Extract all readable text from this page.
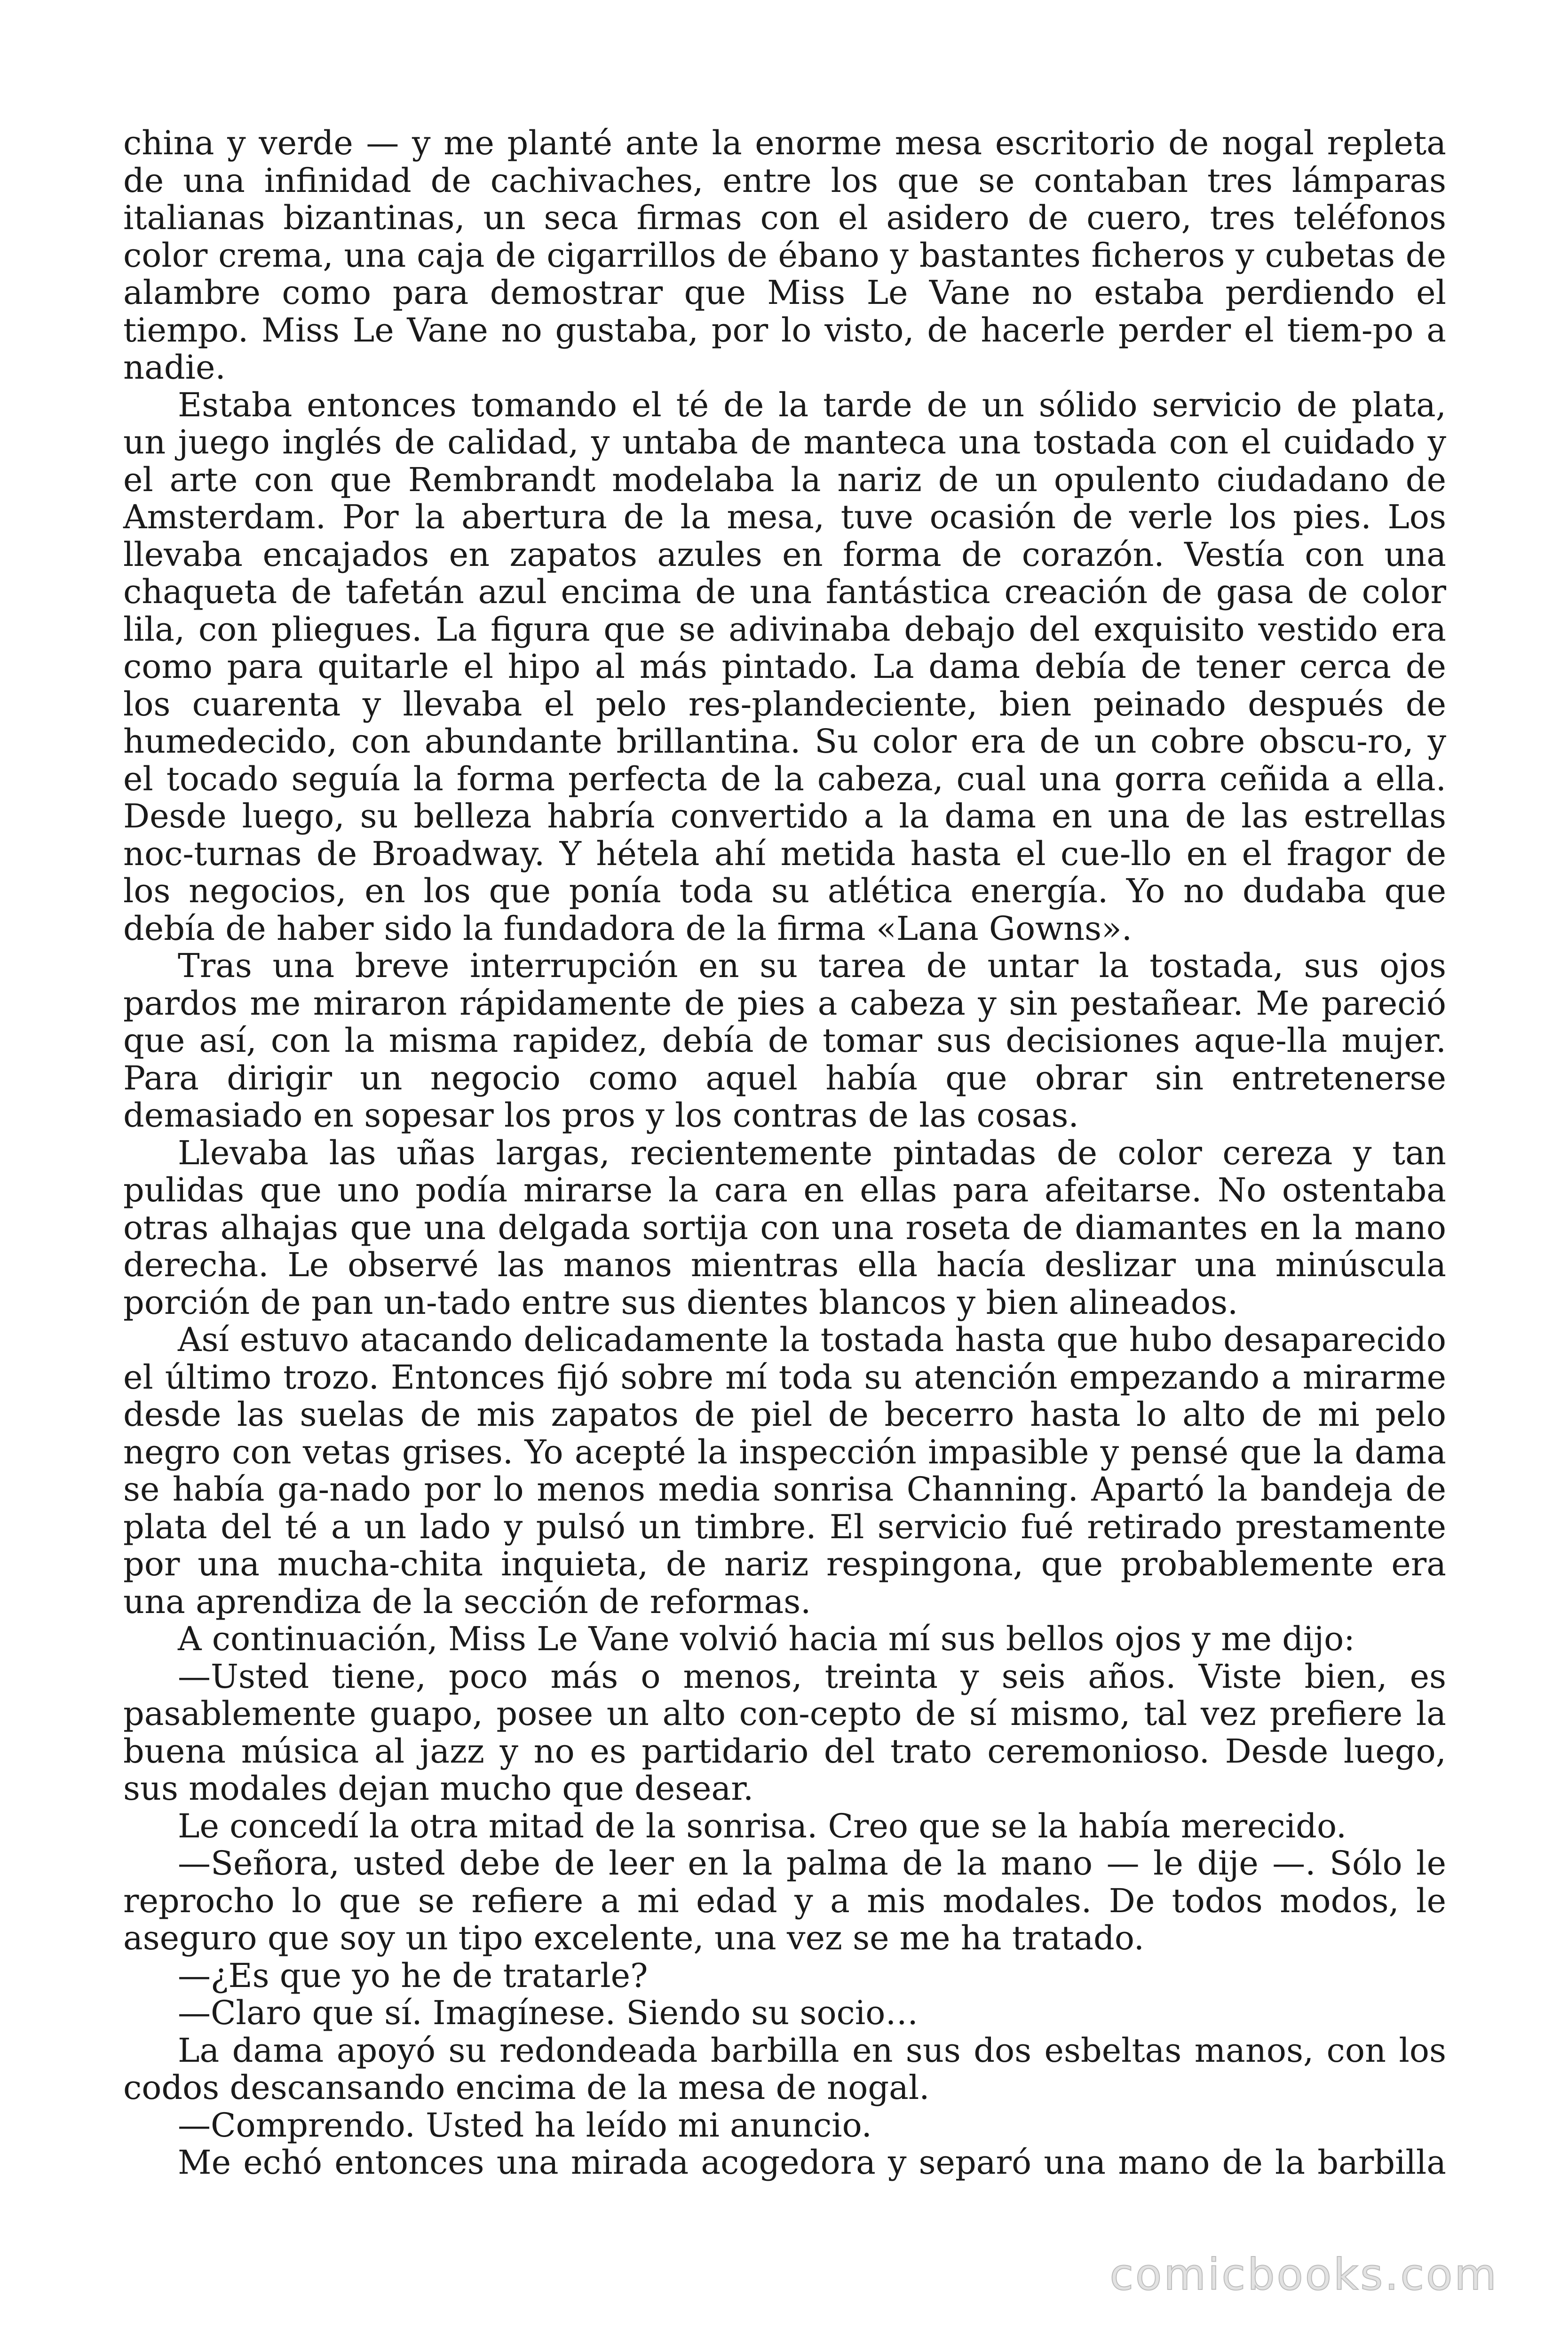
china y verde — y me planté ante la enorme mesa escritorio de nogal repleta de una infinidad de cachivaches, entre los que se contaban tres lámparas italianas bizantinas, un seca firmas con el asidero de cuero, tres teléfonos color crema, una caja de cigarrillos de ébano y bastantes ficheros y cubetas de alambre como para demostrar que Miss Le Vane no estaba perdiendo el tiempo. Miss Le Vane no gustaba, por lo visto, de hacerle perder el tiem-po a nadie.

Estaba entonces tomando el té de la tarde de un sólido servicio de plata, un juego inglés de calidad, y untaba de manteca una tostada con el cuidado y el arte con que Rembrandt modelaba la nariz de un opulento ciudadano de Amsterdam. Por la abertura de la mesa, tuve ocasión de verle los pies. Los llevaba encajados en zapatos azules en forma de corazón. Vestía con una chaqueta de tafetán azul encima de una fantástica creación de gasa de color lila, con pliegues. La figura que se adivinaba debajo del exquisito vestido era como para quitarle el hipo al más pintado. La dama debía de tener cerca de los cuarenta y llevaba el pelo res-plandeciente, bien peinado después de humedecido, con abundante brillantina. Su color era de un cobre obscu-ro, y el tocado seguía la forma perfecta de la cabeza, cual una gorra ceñida a ella. Desde luego, su belleza habría convertido a la dama en una de las estrellas noc-turnas de Broadway. Y hétela ahí metida hasta el cue-llo en el fragor de los negocios, en los que ponía toda su atlética energía. Yo no dudaba que debía de haber sido la fundadora de la firma «Lana Gowns».

Tras una breve interrupción en su tarea de untar la tostada, sus ojos pardos me miraron rápidamente de pies a cabeza y sin pestañear. Me pareció que así, con la misma rapidez, debía de tomar sus decisiones aque-lla mujer. Para dirigir un negocio como aquel había que obrar sin entretenerse demasiado en sopesar los pros y los contras de las cosas.

Llevaba las uñas largas, recientemente pintadas de color cereza y tan pulidas que uno podía mirarse la cara en ellas para afeitarse. No ostentaba otras alhajas que una delgada sortija con una roseta de diamantes en la mano derecha. Le observé las manos mientras ella hacía deslizar una minúscula porción de pan un-tado entre sus dientes blancos y bien alineados.

Así estuvo atacando delicadamente la tostada hasta que hubo desaparecido el último trozo. Entonces fijó sobre mí toda su atención empezando a mirarme desde las suelas de mis zapatos de piel de becerro hasta lo alto de mi pelo negro con vetas grises. Yo acepté la inspección impasible y pensé que la dama se había ga-nado por lo menos media sonrisa Channing. Apartó la bandeja de plata del té a un lado y pulsó un timbre. El servicio fué retirado prestamente por una mucha-chita inquieta, de nariz respingona, que probablemente era una aprendiza de la sección de reformas.

A continuación, Miss Le Vane volvió hacia mí sus bellos ojos y me dijo:

—Usted tiene, poco más o menos, treinta y seis años. Viste bien, es pasablemente guapo, posee un alto con-cepto de sí mismo, tal vez prefiere la buena música al jazz y no es partidario del trato ceremonioso. Desde luego, sus modales dejan mucho que desear.

Le concedí la otra mitad de la sonrisa. Creo que se la había merecido.

—Señora, usted debe de leer en la palma de la mano — le dije —. Sólo le reprocho lo que se refiere a mi edad y a mis modales. De todos modos, le aseguro que soy un tipo excelente, una vez se me ha tratado.

—¿Es que yo he de tratarle?

—Claro que sí. Imagínese. Siendo su socio…

La dama apoyó su redondeada barbilla en sus dos esbeltas manos, con los codos descansando encima de la mesa de nogal.

—Comprendo. Usted ha leído mi anuncio.

Me echó entonces una mirada acogedora y separó una mano de la barbilla

comicbooks.com
